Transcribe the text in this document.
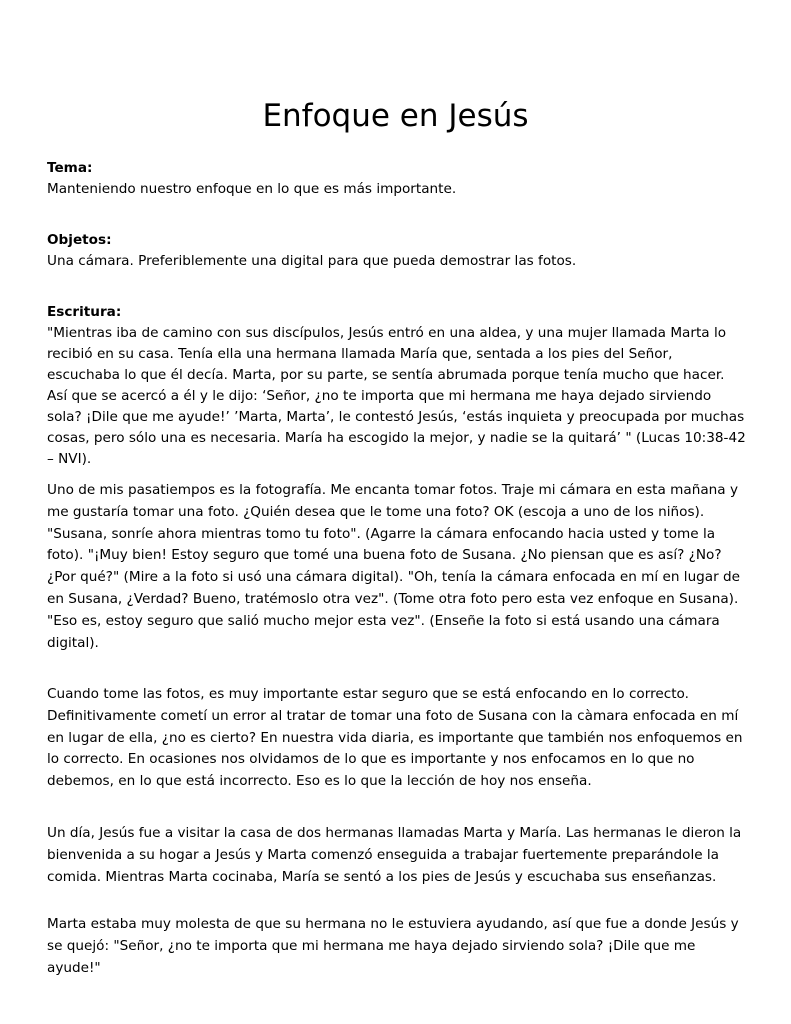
Enfoque en Jesús
Tema:
Manteniendo nuestro enfoque en lo que es más importante.
Objetos:
Una cámara. Preferiblemente una digital para que pueda demostrar las fotos.
Escritura:
"Mientras iba de camino con sus discípulos, Jesús entró en una aldea, y una mujer llamada Marta lo recibió en su casa. Tenía ella una hermana llamada María que, sentada a los pies del Señor, escuchaba lo que él decía. Marta, por su parte, se sentía abrumada porque tenía mucho que hacer. Así que se acercó a él y le dijo: ‘Señor, ¿no te importa que mi hermana me haya dejado sirviendo sola? ¡Dile que me ayude!’ ’Marta, Marta’, le contestó Jesús, ‘estás inquieta y preocupada por muchas cosas, pero sólo una es necesaria. María ha escogido la mejor, y nadie se la quitará’ " (Lucas 10:38-42 – NVI).
Uno de mis pasatiempos es la fotografía. Me encanta tomar fotos. Traje mi cámara en esta mañana y me gustaría tomar una foto. ¿Quién desea que le tome una foto? OK (escoja a uno de los niños). "Susana, sonríe ahora mientras tomo tu foto". (Agarre la cámara enfocando hacia usted y tome la foto). "¡Muy bien! Estoy seguro que tomé una buena foto de Susana. ¿No piensan que es así? ¿No? ¿Por qué?" (Mire a la foto si usó una cámara digital). "Oh, tenía la cámara enfocada en mí en lugar de en Susana, ¿Verdad? Bueno, tratémoslo otra vez". (Tome otra foto pero esta vez enfoque en Susana). "Eso es, estoy seguro que salió mucho mejor esta vez". (Enseñe la foto si está usando una cámara digital).
Cuando tome las fotos, es muy importante estar seguro que se está enfocando en lo correcto. Definitivamente cometí un error al tratar de tomar una foto de Susana con la càmara enfocada en mí en lugar de ella, ¿no es cierto? En nuestra vida diaria, es importante que también nos enfoquemos en lo correcto. En ocasiones nos olvidamos de lo que es importante y nos enfocamos en lo que no debemos, en lo que está incorrecto. Eso es lo que la lección de hoy nos enseña.
Un día, Jesús fue a visitar la casa de dos hermanas llamadas Marta y María. Las hermanas le dieron la bienvenida a su hogar a Jesús y Marta comenzó enseguida a trabajar fuertemente preparándole la comida. Mientras Marta cocinaba, María se sentó a los pies de Jesús y escuchaba sus enseñanzas.
Marta estaba muy molesta de que su hermana no le estuviera ayudando, así que fue a donde Jesús y se quejó: "Señor, ¿no te importa que mi hermana me haya dejado sirviendo sola? ¡Dile que me ayude!"
